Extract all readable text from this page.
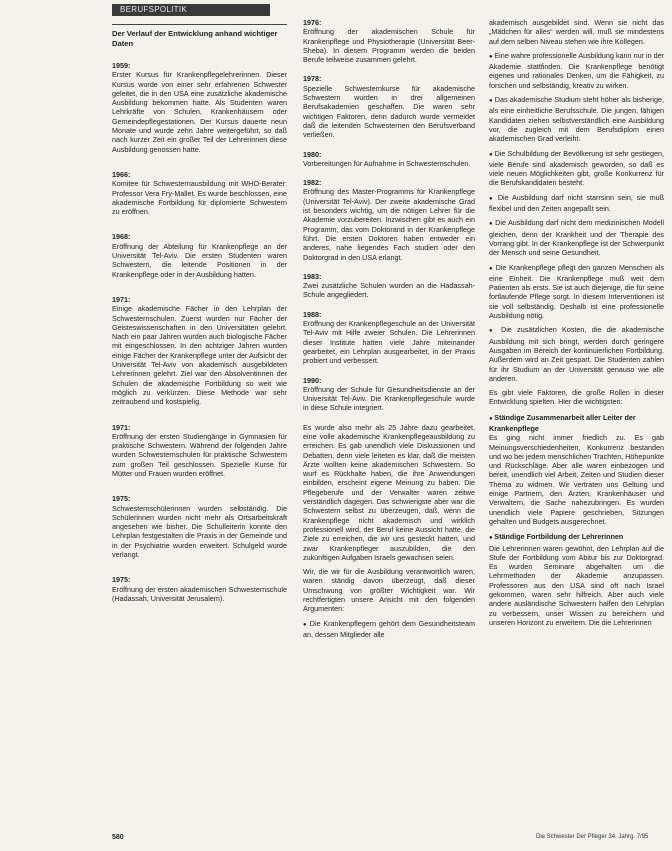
BERUFSPOLITIK
Der Verlauf der Entwicklung anhand wichtiger Daten
1959:
Erster Kursus für Krankenpflegelehrerinnen. Dieser Kursus wurde von einer sehr erfahrenen Schwester geleitet, die in den USA eine zusätzliche akademische Ausbildung bekommen hatte. Als Studenten waren Lehrkräfte von Schulen, Krankenhäusern oder Gemeindepflegestationen. Der Kursus dauerte neun Monate und wurde zehn Jahre weitergeführt, so daß nach kurzer Zeit ein großer Teil der Lehrerinnen diese Ausbildung genossen hatte.
1966:
Komitee für Schwesternausbildung mit WHO-Berater: Professor Vera Fry-Mallet. Es wurde beschlossen, eine akademische Fortbildung für diplomierte Schwestern zu eröffnen.
1968:
Eröffnung der Abteilung für Krankenpflege an der Universität Tel-Aviv. Die ersten Studenten waren Schwestern, die leitende Positionen in der Krankenpflege oder in der Ausbildung hatten.
1971:
Einige akademische Fächer in den Lehrplan der Schwesternschulen. Zuerst wurden nur Fächer der Geisteswissenschaften in den Universitäten gelehrt. Nach ein paar Jahren wurden auch biologische Fächer mit eingeschlossen. In den achtziger Jahren wurden einige Fächer der Krankenpflege unter der Aufsicht der Universität Tel-Aviv von akademisch ausgebildeten Lehrerinnen gelehrt. Ziel war den Absolventinnen der Schulen die akademische Fortbildung so weit wie möglich zu verkürzen. Diese Methode war sehr zeitraubend und kostspielig.
1971:
Eröffnung der ersten Studiengänge in Gymnasien für praktische Schwestern. Während der folgenden Jahre wurden Schwesternschulen für praktische Schwestern zum großen Teil geschlossen. Spezielle Kurse für Mütter und Frauen wurden eröffnet.
1975:
Schwesternschülerinnen wurden selbständig. Die Schülerinnen wurden nicht mehr als Ortsarbeitskraft angesehen wie bisher. Die Schulleiterin konnte den Lehrplan festgestalten die Praxis in der Gemeinde und in der Psychiatrie wurden erweitert. Schulgeld wurde verlangt.
1975:
Eröffnung der ersten akademischen Schwesternschule (Hadassah, Universität Jerusalem).
1976:
Eröffnung der akademischen Schule für Krankenpflege und Physiotherapie (Universität Beer-Sheba). In diesem Programm werden die beiden Berufe teilweise zusammen gelehrt.
1978:
Spezielle Schwesternkurse für akademische Schwestern wurden in drei allgemeinen Berufsakademien geschaffen. Die waren sehr wichtigen Faktoren, denn dadurch wurde vermeidet daß die leitenden Schwesternen den Berufsverband verließen.
1980:
Vorbereitungen für Aufnahme in Schwesternschulen.
1982:
Eröffnung des Master-Programms für Krankenpflege (Universität Tel-Aviv). Der zweite akademische Grad ist besonders wichtig, um die nötigen Lehrer für die Akademie vorzubereiten. Inzwischen gibt es auch ein Programm, das vom Doktorand in der Krankenpflege führt. Die ersten Doktoren haben entweder ein anderes, nahe liegendes Fach studiert oder den Doktorgrad in den USA erlangt.
1983:
Zwei zusätzliche Schulen wurden an die Hadassah-Schule angegliedert.
1988:
Eröffnung der Krankenpflegeschule an der Universität Tel-Aviv mit Hilfe zweier Schulen. Die Lehrerinnen dieser Institute hatten viele Jahre miteinander gearbeitet, ein Lehrplan ausgearbeitet, in der Praxis probiert und verbessert.
1990:
Eröffnung der Schule für Gesundheitsdienste an der Universität Tel-Aviv. Die Krankenpflegeschule wurde in diese Schule integriert.

Es wurde also mehr als 25 Jahre dazu gearbeitet, eine volle akademische Krankenpflegeausbildung zu erreichen. Es gab unendlich viele Diskussionen und Debatten, denn viele leiteten es klar, daß die meisten Ärzte wollten keine akademischen Schwestern. So wurf es Rückhalte haben, die ihre Anwendungen einbilden, erscheint eigene Meinung zu haben. Die Pflegeberufe und der Verwalter waren zeitwe verständlich dagegen. Das schwierigste aber war die Schwestern selbst zu überzeugen, daß, wenn die Krankenpflege nicht akademisch und wirklich professionell wird, der Beruf keine Aussicht hatte, die Ziele zu erreichen, die wir uns gesteckt hatten, und zwar Krankenpfleger auszubilden, die den zukünftigen Aufgaben Israels gewachsen seien.

Wir, die wir für die Ausbildung verantwortlich waren, waren ständig davon überzeugt, daß dieser Umschwung von größter Wichtigkeit war. Wir rechtfertigten unsere Ansicht mit den folgenden Argumenten:

● Die Krankenpflegern gehört dem Gesundheitsteam an, dessen Mitglieder alle

akademisch ausgebildet sind. Wenn sie nicht das „Mädchen für alles“ werden will, muß sie mindestens auf dem selben Niveau stehen wie ihre Kollegen.

● Eine wahre professionelle Ausbildung kann nur in der Akademie stattfinden. Die Krankenpflege benötigt eigenes und rationales Denken, um die Fähigkeit, zu forschen und selbständig, kreativ zu wirken.

● Das akademische Studium steht höher als bisherige, als eine einheitliche Berufsschule. Die jungen, fähigen Kandidaten ziehen selbstverständlich eine Ausbildung vor, die zugleich mit dem Berufsdiplom einen akademischen Grad verleiht.

● Die Schulbildung der Bevölkerung ist sehr gestiegen, viele Berufe sind akademisch geworden, so daß es viele neuen Möglichkeiten gibt, große Konkurrenz für die Berufskandidaten besteht.

● Die Ausbildung darf nicht starrsinn sein, sie muß flexibel und den Zeiten angepaßt sein.

● Die Ausbildung darf nicht dem medizinischen Modell gleichen, denn der Krankheit und der Therapie des Vorrang gibt. In der Krankenpflege ist der Schwerpunkt der Mensch und seine Gesundheit.

● Die Krankenpflege pflegt den ganzen Menschen als eine Einheit. Die Krankenpflege muß weit dem Patienten als ersts. Sie ist auch diejenige, die für seine fortlaufende Pflege sorgt. In diesem Interventionen ist sie voll selbständig. Deshalb ist eine professionelle Ausbildung nötig.

● Die zusätzlichen Kosten, die die akademische Ausbildung mit sich bringt, werden durch geringere Ausgaben im Bereich der kontinuierlichen Fortbildung. Außerdem wird an Zeit gespart. Die Studenten zahlen für ihr Studium an der Universität genauso wie alle anderen.

Es gibt viele Faktoren, die große Rollen in dieser Entwicklung spielten. Hier die wichtigsten:

● Ständige Zusammenarbeit aller Leiter der Krankenpflege

Es ging nicht immer friedlich zu. Es gab Meinungsverschiedenheiten, Konkurrenz bestanden und wo bei jedem menschlichen Trachten, Höhepunkte und Rückschläge. Aber alle waren einbezogen und bereit, unendlich viel Arbeit, Zeiten und Studien dieser Thema zu widmen. Wir vertraten uns Geltung und einige Partnern, den Ärzten, Krankenhäuser und Verwaltern, die Sache nahezubringen. Es wurden unendlich viele Papiere geschrieben, Sitzungen gehalten und Budgets ausgerechnet.

● Ständige Fortbildung der Lehrerinnen

Die Lehrerinnen waren gewöhnt, den Lehrplan auf die Stufe der Fortbildung vom Abitur bis zur Doktorgrad. Es wurden Seminare abgehalten um die Lehrmethoden der Akademie anzupassen. Professoren aus den USA sind oft nach Israel gekommen, waren sehr hilfreich. Aber auch viele andere ausländische Schwestern halfen den Lehrplan zu verbessern, unser Wissen zu bereichern und unseren Horizont zu erweitern. Die die Lehrerinnen

580	Die Schwester Der Pfleger 34. Jahrg. 7/95
